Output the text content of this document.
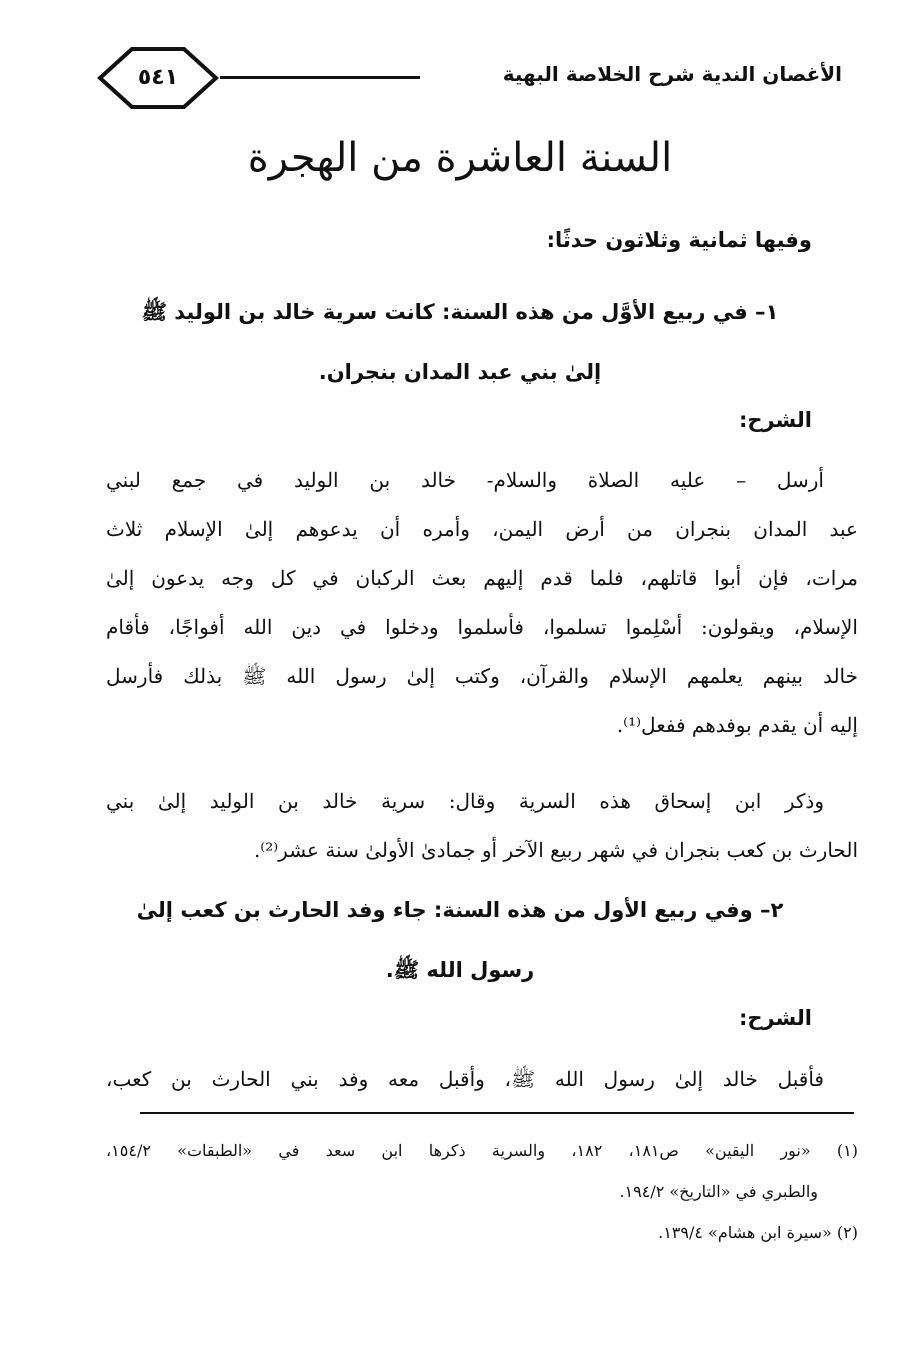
الأغصان الندية شرح الخلاصة البهية
٥٤١
السنة العاشرة من الهجرة
وفيها ثمانية وثلاثون حدثًا:
١– في ربيع الأوَّل من هذه السنة: كانت سرية خالد بن الوليد ﷺ
إلىٰ بني عبد المدان بنجران.
الشرح:
أرسل – عليه الصلاة والسلام- خالد بن الوليد في جمع لبني
عبد المدان بنجران من أرض اليمن، وأمره أن يدعوهم إلىٰ الإسلام ثلاث
مرات، فإن أبوا قاتلهم، فلما قدم إليهم بعث الركبان في كل وجه يدعون إلىٰ
الإسلام، ويقولون: أسْلِموا تسلموا، فأسلموا ودخلوا في دين الله أفواجًا، فأقام
خالد بينهم يعلمهم الإسلام والقرآن، وكتب إلىٰ رسول الله ﷺ بذلك فأرسل
إليه أن يقدم بوفدهم ففعل⁽¹⁾.
وذكر ابن إسحاق هذه السرية وقال: سرية خالد بن الوليد إلىٰ بني
الحارث بن كعب بنجران في شهر ربيع الآخر أو جمادىٰ الأولىٰ سنة عشر⁽²⁾.
٢– وفي ربيع الأول من هذه السنة: جاء وفد الحارث بن كعب إلىٰ
رسول الله ﷺ.
الشرح:
فأقبل خالد إلىٰ رسول الله ﷺ، وأقبل معه وفد بني الحارث بن كعب،
(١) «نور اليقين» ص١٨١، ١٨٢، والسرية ذكرها ابن سعد في «الطبقات» ١٥٤/٢،
والطبري في «التاريخ» ١٩٤/٢.
(٢) «سيرة ابن هشام» ١٣٩/٤.
